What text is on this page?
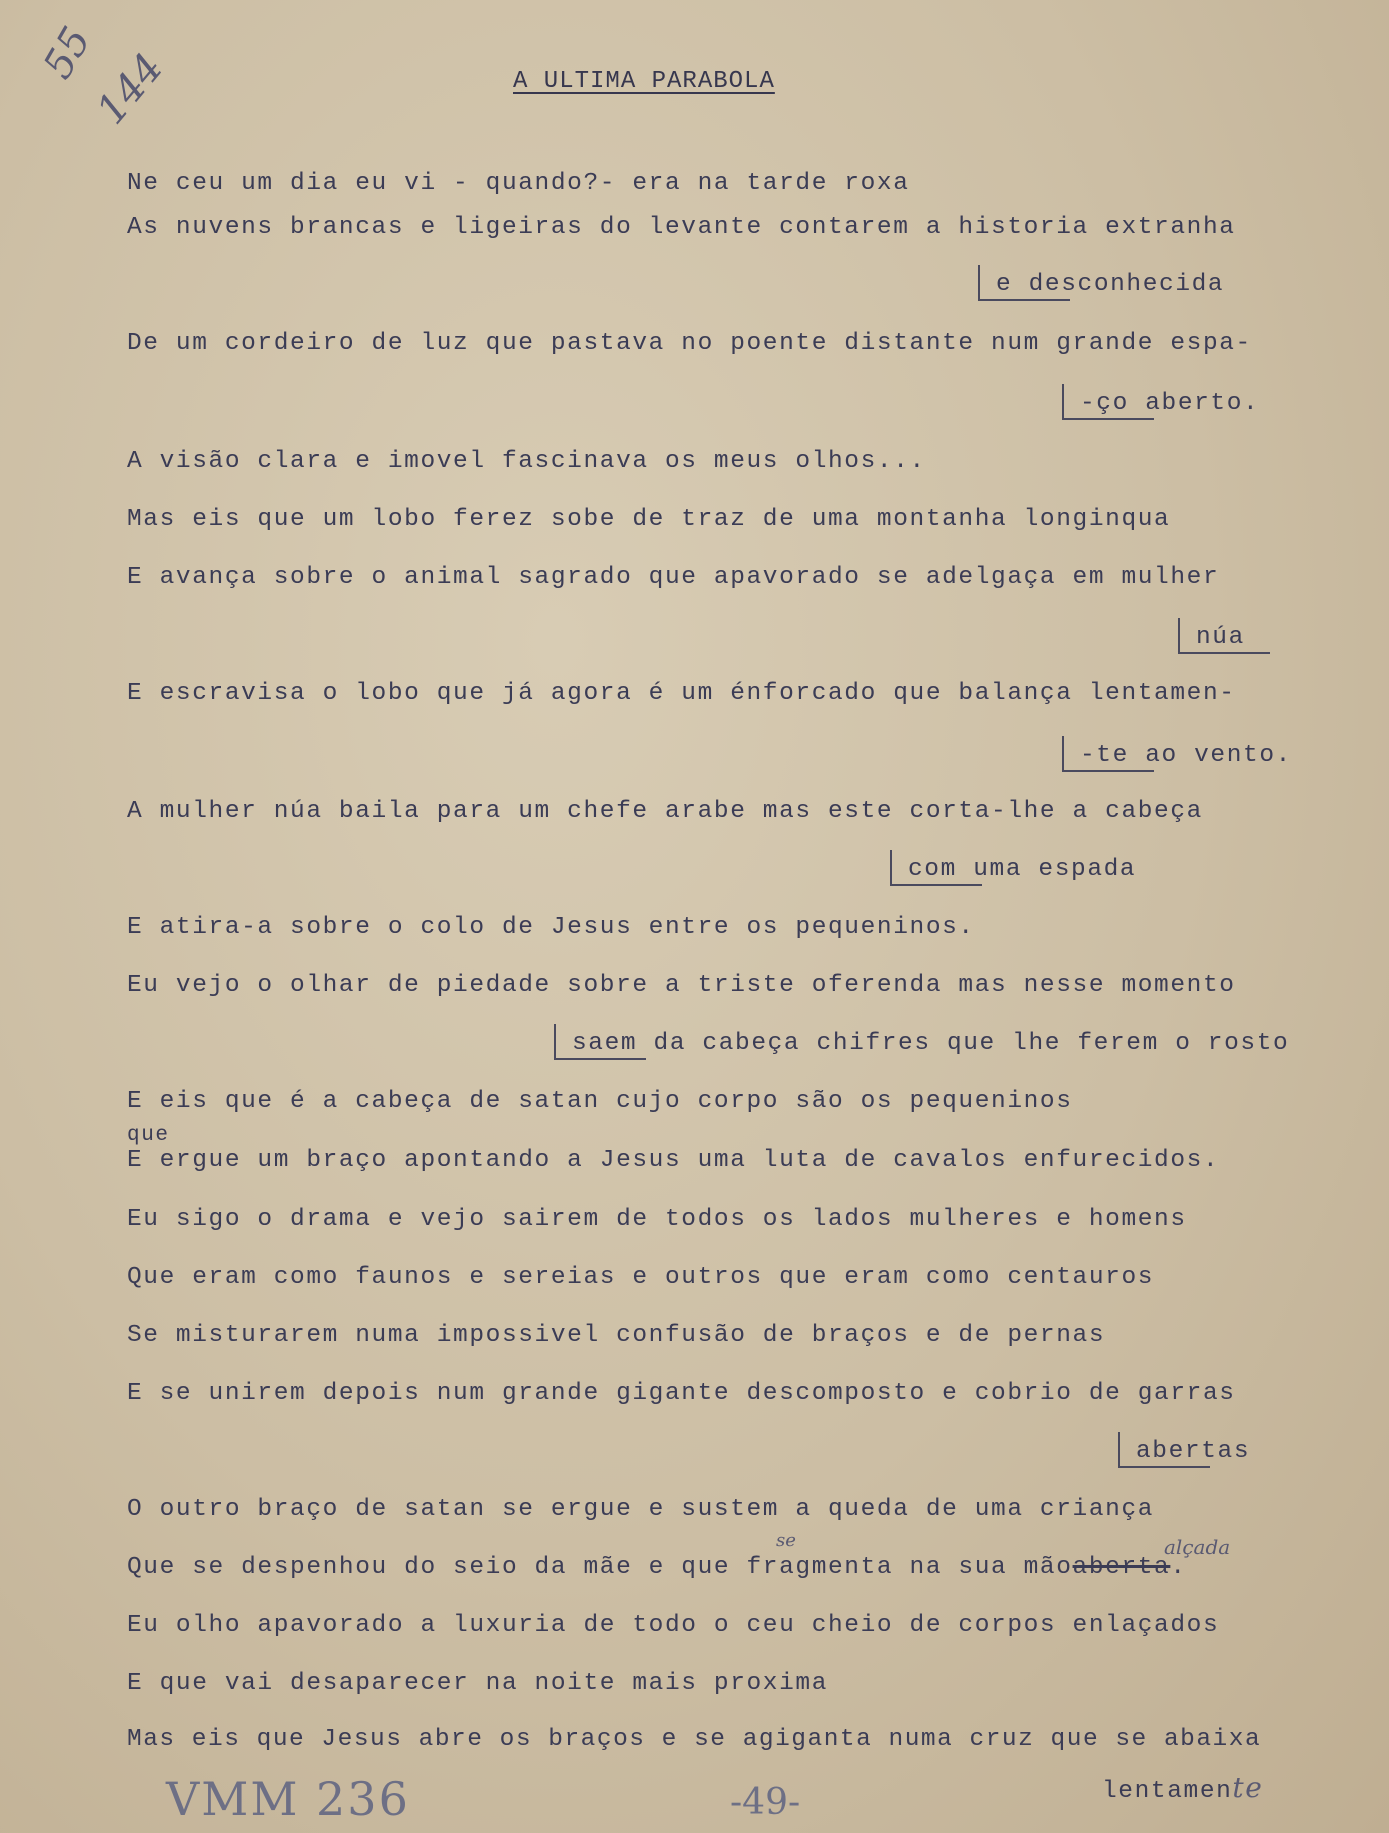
55
144	A ULTIMA PARABOLA
Ne ceu um dia eu vi - quando?- era na tarde roxa
As nuvens brancas e ligeiras do levante contarem a historia extranha
e desconhecida
De um cordeiro de luz que pastava no poente distante num grande espa-
-ço aberto.
A visão clara e imovel fascinava os meus olhos...
Mas eis que um lobo ferez sobe de traz de uma montanha longinqua
E avança sobre o animal sagrado que apavorado se adelgaça em mulher
núa
E escravisa o lobo que já agora é um énforcado que balança lentamen-
-te ao vento.
A mulher núa baila para um chefe arabe mas este corta-lhe a cabeça
com uma espada
E atira-a sobre o colo de Jesus entre os pequeninos.
Eu vejo o olhar de piedade sobre a triste oferenda mas nesse momento
saem da cabeça chifres que lhe ferem o rosto
E eis que é a cabeça de satan cujo corpo são os pequeninos
que
E ergue um braço apontando a Jesus uma luta de cavalos enfurecidos.
Eu sigo o drama e vejo sairem de todos os lados mulheres e homens
Que eram como faunos e sereias e outros que eram como centauros
Se misturarem numa impossivel confusão de braços e de pernas
E se unirem depois num grande gigante descomposto e cobrio de garras
abertas
O outro braço de satan se ergue e sustem a queda de uma criança
Que se despenhou do seio da mãe e que fragmenta na sua mãoaberta.
se	alçada
Eu olho apavorado a luxuria de todo o ceu cheio de corpos enlaçados
E que vai desaparecer na noite mais proxima
Mas eis que Jesus abre os braços e se agiganta numa cruz que se abaixa
lentamente
VMM 236	-49-
